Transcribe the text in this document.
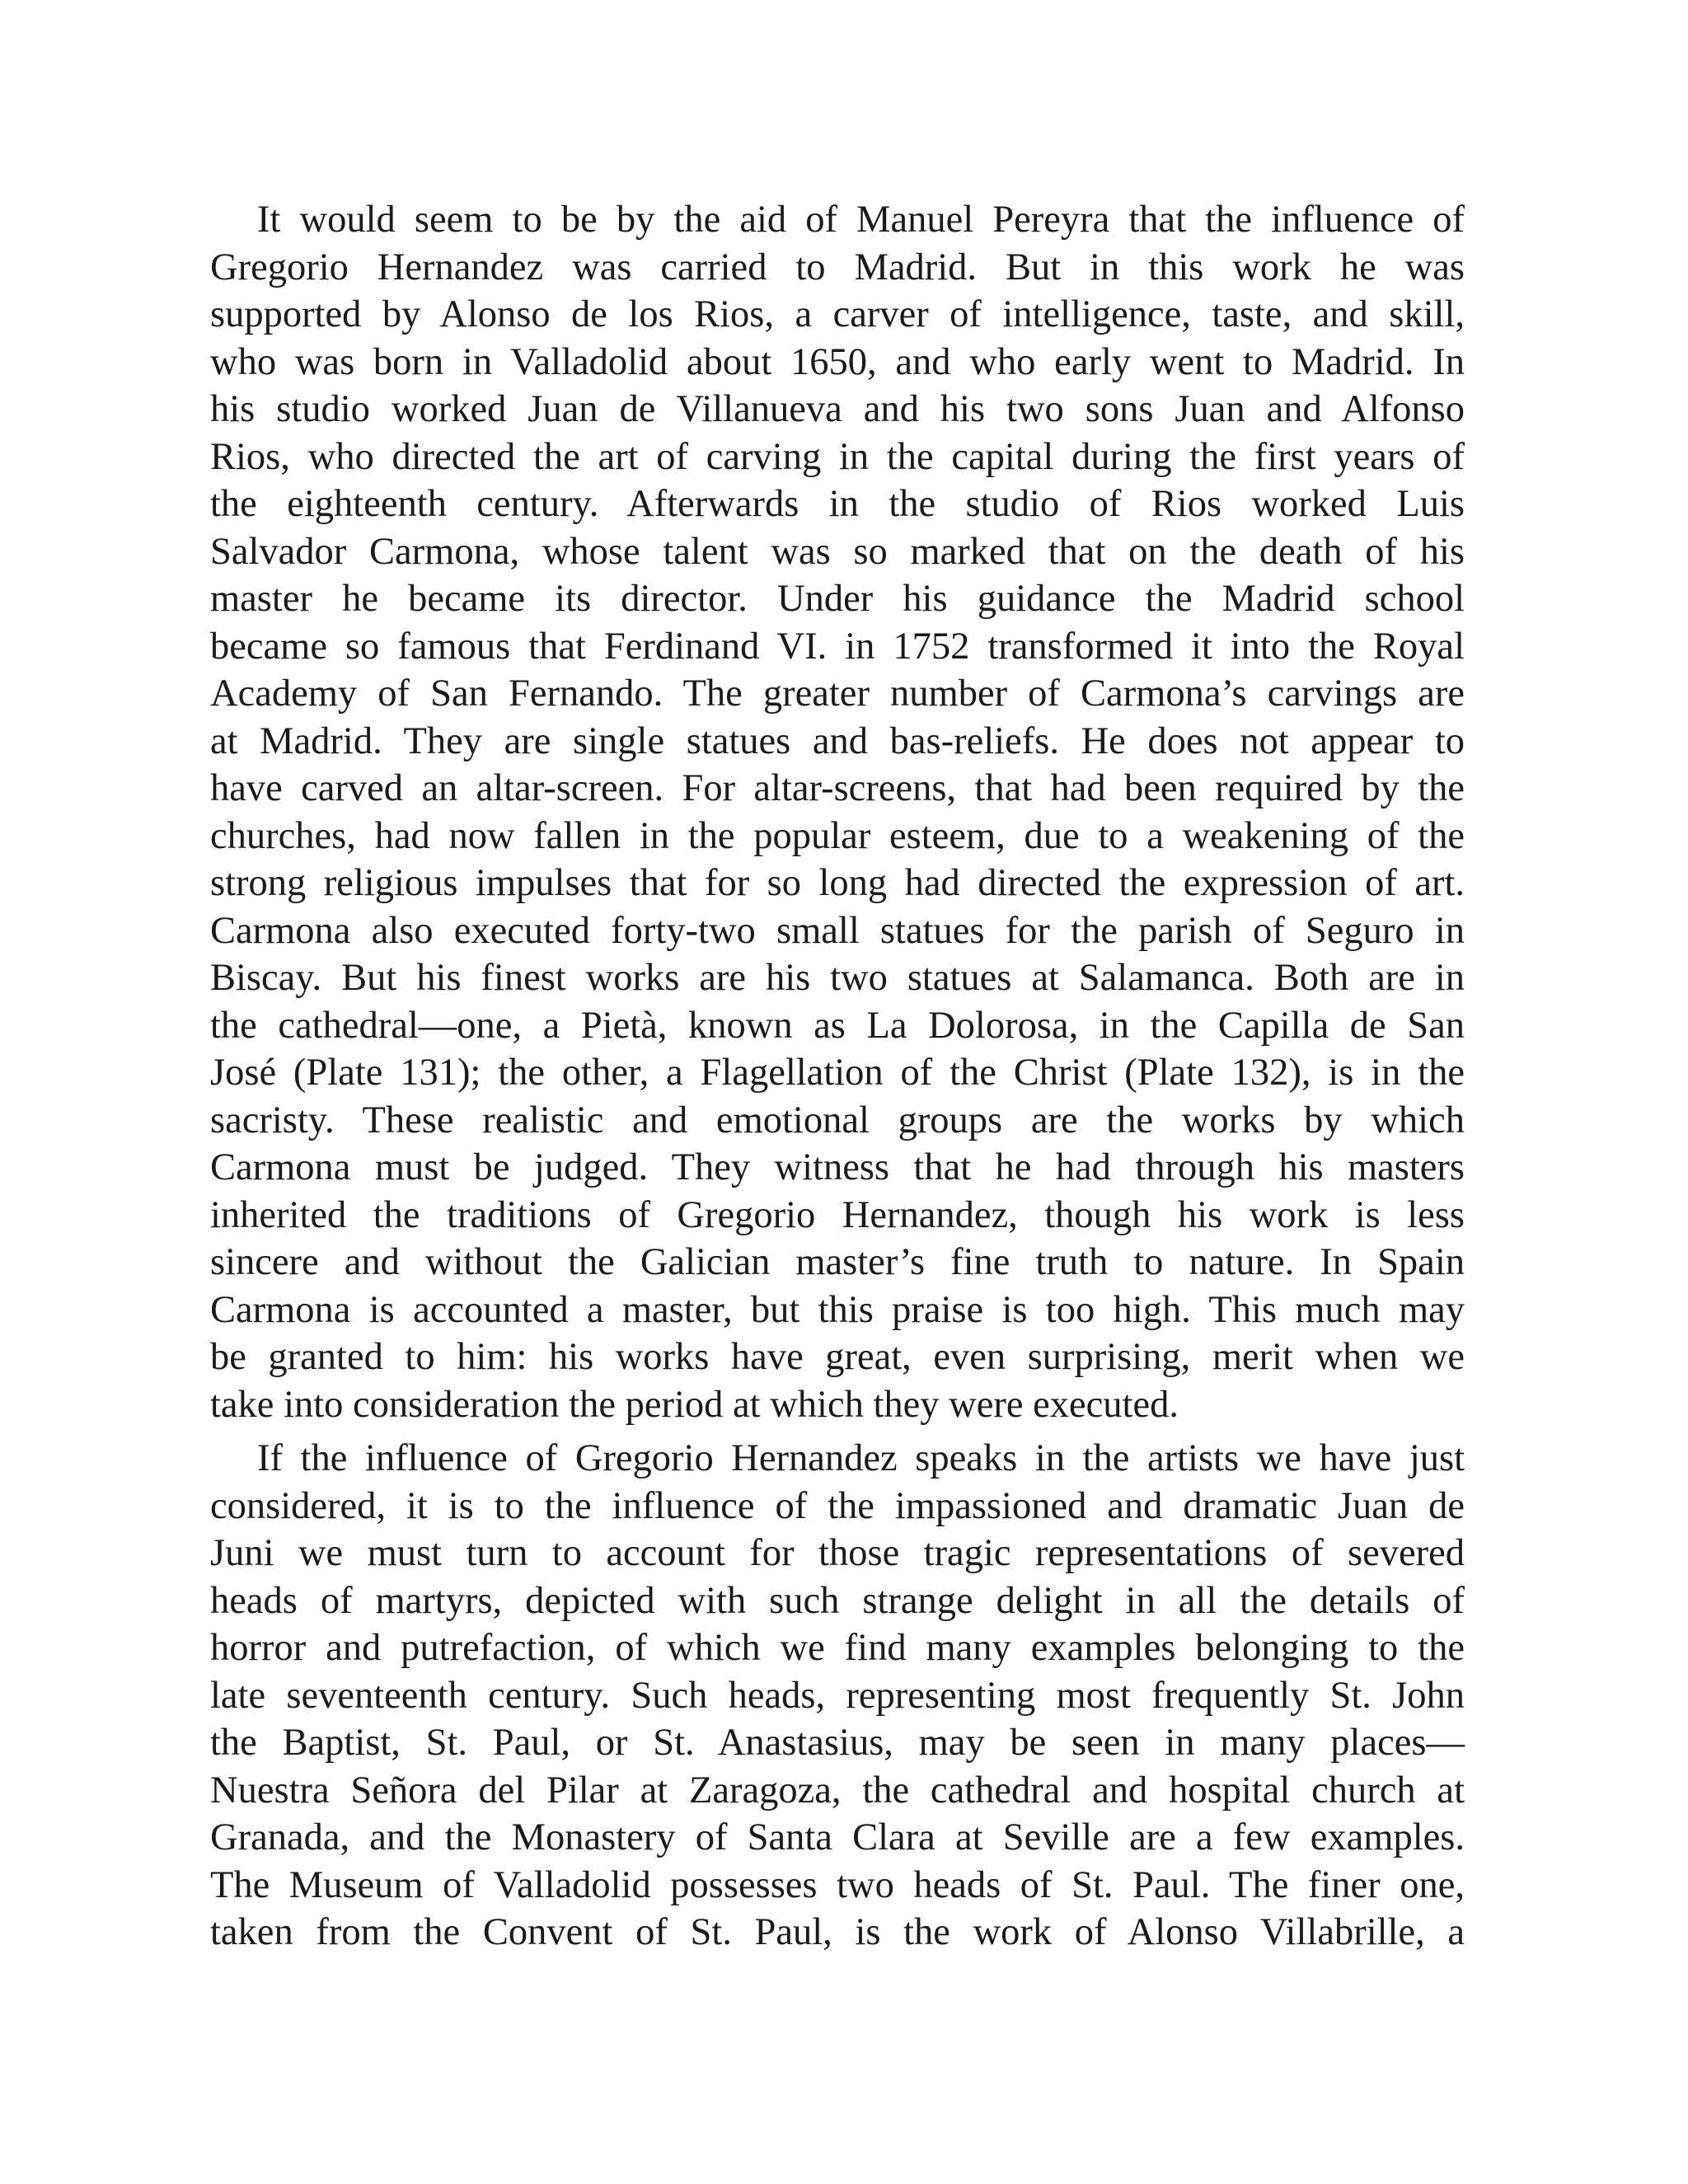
It would seem to be by the aid of Manuel Pereyra that the influence of
Gregorio Hernandez was carried to Madrid. But in this work he was
supported by Alonso de los Rios, a carver of intelligence, taste, and skill,
who was born in Valladolid about 1650, and who early went to Madrid. In
his studio worked Juan de Villanueva and his two sons Juan and Alfonso
Rios, who directed the art of carving in the capital during the first years of
the eighteenth century. Afterwards in the studio of Rios worked Luis
Salvador Carmona, whose talent was so marked that on the death of his
master he became its director. Under his guidance the Madrid school
became so famous that Ferdinand VI. in 1752 transformed it into the Royal
Academy of San Fernando. The greater number of Carmona’s carvings are
at Madrid. They are single statues and bas-reliefs. He does not appear to
have carved an altar-screen. For altar-screens, that had been required by the
churches, had now fallen in the popular esteem, due to a weakening of the
strong religious impulses that for so long had directed the expression of art.
Carmona also executed forty-two small statues for the parish of Seguro in
Biscay. But his finest works are his two statues at Salamanca. Both are in
the cathedral—one, a Pietà, known as La Dolorosa, in the Capilla de San
José (Plate 131); the other, a Flagellation of the Christ (Plate 132), is in the
sacristy. These realistic and emotional groups are the works by which
Carmona must be judged. They witness that he had through his masters
inherited the traditions of Gregorio Hernandez, though his work is less
sincere and without the Galician master’s fine truth to nature. In Spain
Carmona is accounted a master, but this praise is too high. This much may
be granted to him: his works have great, even surprising, merit when we
take into consideration the period at which they were executed.
If the influence of Gregorio Hernandez speaks in the artists we have just
considered, it is to the influence of the impassioned and dramatic Juan de
Juni we must turn to account for those tragic representations of severed
heads of martyrs, depicted with such strange delight in all the details of
horror and putrefaction, of which we find many examples belonging to the
late seventeenth century. Such heads, representing most frequently St. John
the Baptist, St. Paul, or St. Anastasius, may be seen in many places—
Nuestra Señora del Pilar at Zaragoza, the cathedral and hospital church at
Granada, and the Monastery of Santa Clara at Seville are a few examples.
The Museum of Valladolid possesses two heads of St. Paul. The finer one,
taken from the Convent of St. Paul, is the work of Alonso Villabrille, a
